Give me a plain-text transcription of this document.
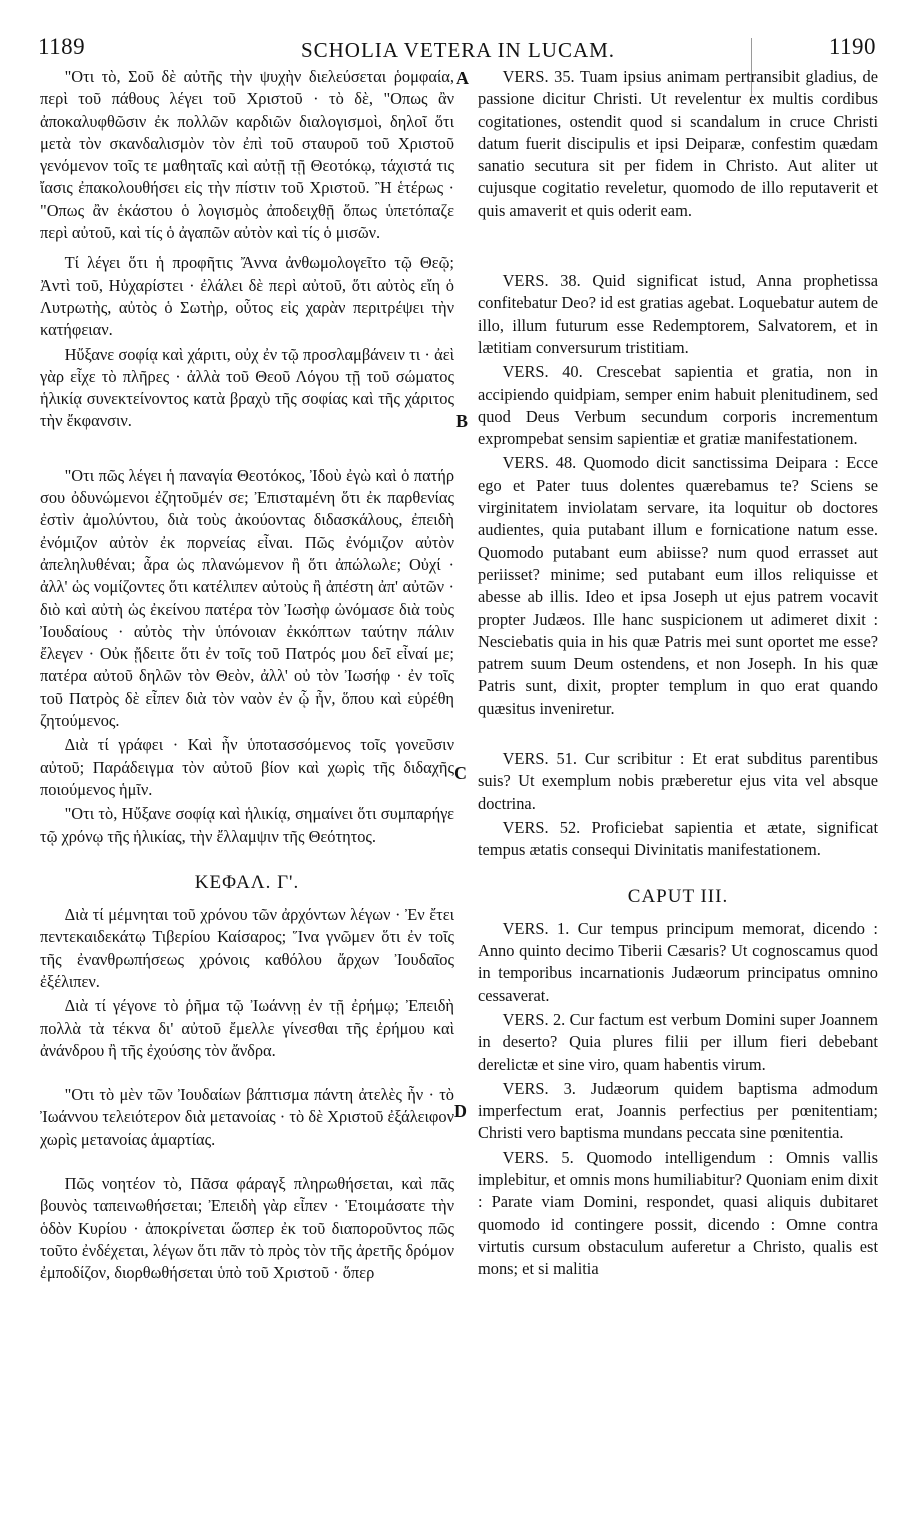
1189	SCHOLIA VETERA IN LUCAM.	1190
A
B
C
D

"Οτι τὸ, Σοῦ δὲ αὐτῆς τὴν ψυχὴν διελεύσεται ῥομφαία, περὶ τοῦ πάθους λέγει τοῦ Χριστοῦ · τὸ δὲ, "Οπως ἂν ἀποκαλυφθῶσιν ἐκ πολλῶν καρδιῶν διαλογισμοὶ, δηλοῖ ὅτι μετὰ τὸν σκανδαλισμὸν τὸν ἐπὶ τοῦ σταυροῦ τοῦ Χριστοῦ γενόμενον τοῖς τε μαθηταῖς καὶ αὐτῇ τῇ Θεοτόκῳ, τάχιστά τις ἴασις ἐπακολουθήσει εἰς τὴν πίστιν τοῦ Χριστοῦ. Ἢ ἑτέρως · "Οπως ἂν ἑκάστου ὁ λογισμὸς ἀποδειχθῇ ὅπως ὑπετόπαζε περὶ αὐτοῦ, καὶ τίς ὁ ἀγαπῶν αὐτὸν καὶ τίς ὁ μισῶν.

Τί λέγει ὅτι ἡ προφῆτις Ἄννα ἀνθωμολογεῖτο τῷ Θεῷ; Ἀντὶ τοῦ, Ηὐχαρίστει · ἐλάλει δὲ περὶ αὐτοῦ, ὅτι αὐτὸς εἴη ὁ Λυτρωτὴς, αὐτὸς ὁ Σωτὴρ, οὗτος εἰς χαρὰν περιτρέψει τὴν κατήφειαν.

Ηὔξανε σοφίᾳ καὶ χάριτι, οὐχ ἐν τῷ προσλαμβάνειν τι · ἀεὶ γὰρ εἶχε τὸ πλῆρες · ἀλλὰ τοῦ Θεοῦ Λόγου τῇ τοῦ σώματος ἡλικίᾳ συνεκτείνοντος κατὰ βραχὺ τῆς σοφίας καὶ τῆς χάριτος τὴν ἔκφανσιν.

"Οτι πῶς λέγει ἡ παναγία Θεοτόκος, Ἰδοὺ ἐγὼ καὶ ὁ πατήρ σου ὀδυνώμενοι ἐζητοῦμέν σε; Ἐπισταμένη ὅτι ἐκ παρθενίας ἐστὶν ἀμολύντου, διὰ τοὺς ἀκούοντας διδασκάλους, ἐπειδὴ ἐνόμιζον αὐτὸν ἐκ πορνείας εἶναι. Πῶς ἐνόμιζον αὐτὸν ἀπεληλυθέναι; ἆρα ὡς πλανώμενον ἢ ὅτι ἀπώλωλε; Οὐχί · ἀλλ' ὡς νομίζοντες ὅτι κατέλιπεν αὐτοὺς ἢ ἀπέστη ἀπ' αὐτῶν · διὸ καὶ αὐτὴ ὡς ἐκείνου πατέρα τὸν Ἰωσὴφ ὠνόμασε διὰ τοὺς Ἰουδαίους · αὐτὸς τὴν ὑπόνοιαν ἐκκόπτων ταύτην πάλιν ἔλεγεν · Οὐκ ᾔδειτε ὅτι ἐν τοῖς τοῦ Πατρός μου δεῖ εἶναί με; πατέρα αὐτοῦ δηλῶν τὸν Θεὸν, ἀλλ' οὐ τὸν Ἰωσήφ · ἐν τοῖς τοῦ Πατρὸς δὲ εἶπεν διὰ τὸν ναὸν ἐν ᾧ ἦν, ὅπου καὶ εὑρέθη ζητούμενος.

Διὰ τί γράφει · Καὶ ἦν ὑποτασσόμενος τοῖς γονεῦσιν αὐτοῦ; Παράδειγμα τὸν αὐτοῦ βίον καὶ χωρὶς τῆς διδαχῆς ποιούμενος ἡμῖν.

"Οτι τὸ, Ηὔξανε σοφίᾳ καὶ ἡλικίᾳ, σημαίνει ὅτι συμπαρήγε τῷ χρόνῳ τῆς ἡλικίας, τὴν ἔλλαμψιν τῆς Θεότητος.

ΚΕΦΑΛ. Γ'.

Διὰ τί μέμνηται τοῦ χρόνου τῶν ἀρχόντων λέγων · Ἐν ἔτει πεντεκαιδεκάτῳ Τιβερίου Καίσαρος; Ἵνα γνῶμεν ὅτι ἐν τοῖς τῆς ἐνανθρωπήσεως χρόνοις καθόλου ἄρχων Ἰουδαῖος ἐξέλιπεν.

Διὰ τί γέγονε τὸ ῥῆμα τῷ Ἰωάννῃ ἐν τῇ ἐρήμῳ; Ἐπειδὴ πολλὰ τὰ τέκνα δι' αὐτοῦ ἔμελλε γίνεσθαι τῆς ἐρήμου καὶ ἀνάνδρου ἢ τῆς ἐχούσης τὸν ἄνδρα.

"Οτι τὸ μὲν τῶν Ἰουδαίων βάπτισμα πάντη ἀτελὲς ἦν · τὸ Ἰωάννου τελειότερον διὰ μετανοίας · τὸ δὲ Χριστοῦ ἐξάλειφον χωρὶς μετανοίας ἁμαρτίας.

Πῶς νοητέον τὸ, Πᾶσα φάραγξ πληρωθήσεται, καὶ πᾶς βουνὸς ταπεινωθήσεται; Ἐπειδὴ γὰρ εἶπεν · Ἑτοιμάσατε τὴν ὁδὸν Κυρίου · ἀποκρίνεται ὥσπερ ἐκ τοῦ διαποροῦντος πῶς τοῦτο ἐνδέχεται, λέγων ὅτι πᾶν τὸ πρὸς τὸν τῆς ἀρετῆς δρόμον ἐμποδίζον, διορθωθήσεται ὑπὸ τοῦ Χριστοῦ · ὅπερ

VERS. 35. Tuam ipsius animam pertransibit gladius, de passione dicitur Christi. Ut revelentur ex multis cordibus cogitationes, ostendit quod si scandalum in cruce Christi datum fuerit discipulis et ipsi Deiparæ, confestim quædam sanatio secutura sit per fidem in Christo. Aut aliter ut cujusque cogitatio reveletur, quomodo de illo reputaverit et quis amaverit et quis oderit eam.

VERS. 38. Quid significat istud, Anna prophetissa confitebatur Deo? id est gratias agebat. Loquebatur autem de illo, illum futurum esse Redemptorem, Salvatorem, et in lætitiam conversurum tristitiam.

VERS. 40. Crescebat sapientia et gratia, non in accipiendo quidpiam, semper enim habuit plenitudinem, sed quod Deus Verbum secundum corporis incrementum exprompebat sensim sapientiæ et gratiæ manifestationem.

VERS. 48. Quomodo dicit sanctissima Deipara : Ecce ego et Pater tuus dolentes quærebamus te? Sciens se virginitatem inviolatam servare, ita loquitur ob doctores audientes, quia putabant illum e fornicatione natum esse. Quomodo putabant eum abiisse? num quod errasset aut periisset? minime; sed putabant eum illos reliquisse et abesse ab illis. Ideo et ipsa Joseph ut ejus patrem vocavit propter Judæos. Ille hanc suspicionem ut adimeret dixit : Nesciebatis quia in his quæ Patris mei sunt oportet me esse? patrem suum Deum ostendens, et non Joseph. In his quæ Patris sunt, dixit, propter templum in quo erat quando quæsitus inveniretur.

VERS. 51. Cur scribitur : Et erat subditus parentibus suis? Ut exemplum nobis præberetur ejus vita vel absque doctrina.

VERS. 52. Proficiebat sapientia et ætate, significat tempus ætatis consequi Divinitatis manifestationem.

CAPUT III.

VERS. 1. Cur tempus principum memorat, dicendo : Anno quinto decimo Tiberii Cæsaris? Ut cognoscamus quod in temporibus incarnationis Judæorum principatus omnino cessaverat.

VERS. 2. Cur factum est verbum Domini super Joannem in deserto? Quia plures filii per illum fieri debebant derelictæ et sine viro, quam habentis virum.

VERS. 3. Judæorum quidem baptisma admodum imperfectum erat, Joannis perfectius per pœnitentiam; Christi vero baptisma mundans peccata sine pœnitentia.

VERS. 5. Quomodo intelligendum : Omnis vallis implebitur, et omnis mons humiliabitur? Quoniam enim dixit : Parate viam Domini, respondet, quasi aliquis dubitaret quomodo id contingere possit, dicendo : Omne contra virtutis cursum obstaculum auferetur a Christo, qualis est mons; et si malitia
